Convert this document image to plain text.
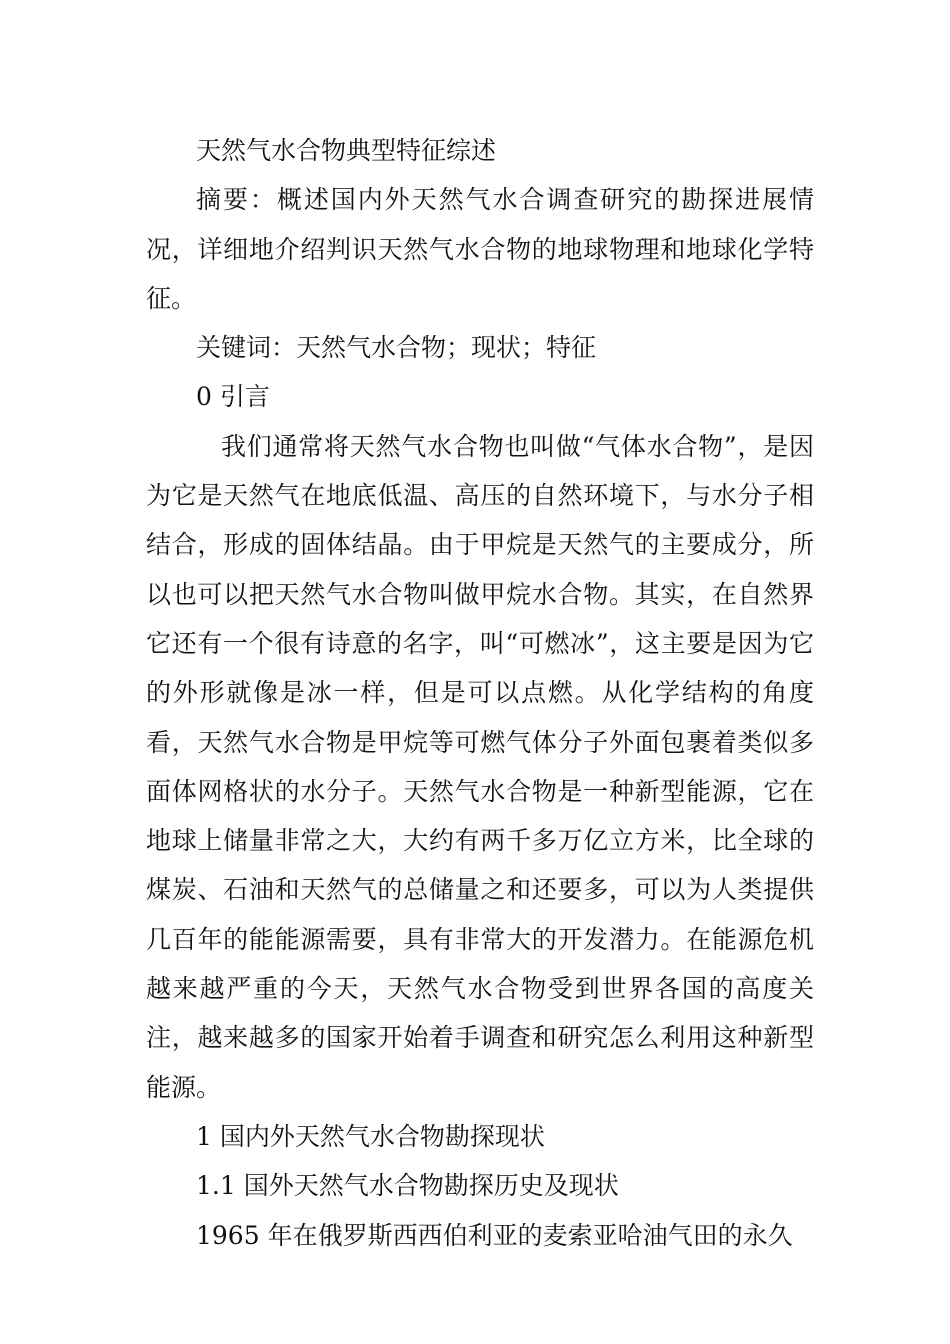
天然气水合物典型特征综述

摘要：概述国内外天然气水合调查研究的勘探进展情况，详细地介绍判识天然气水合物的地球物理和地球化学特征。

关键词：天然气水合物；现状；特征

0 引言

我们通常将天然气水合物也叫做“气体水合物”，是因为它是天然气在地底低温、高压的自然环境下，与水分子相结合，形成的固体结晶。由于甲烷是天然气的主要成分，所以也可以把天然气水合物叫做甲烷水合物。其实，在自然界它还有一个很有诗意的名字，叫“可燃冰”，这主要是因为它的外形就像是冰一样，但是可以点燃。从化学结构的角度看，天然气水合物是甲烷等可燃气体分子外面包裹着类似多面体网格状的水分子。天然气水合物是一种新型能源，它在地球上储量非常之大，大约有两千多万亿立方米，比全球的煤炭、石油和天然气的总储量之和还要多，可以为人类提供几百年的能能源需要，具有非常大的开发潜力。在能源危机越来越严重的今天，天然气水合物受到世界各国的高度关注，越来越多的国家开始着手调查和研究怎么利用这种新型能源。

1 国内外天然气水合物勘探现状

1.1 国外天然气水合物勘探历史及现状

1965 年在俄罗斯西西伯利亚的麦索亚哈油气田的永久
